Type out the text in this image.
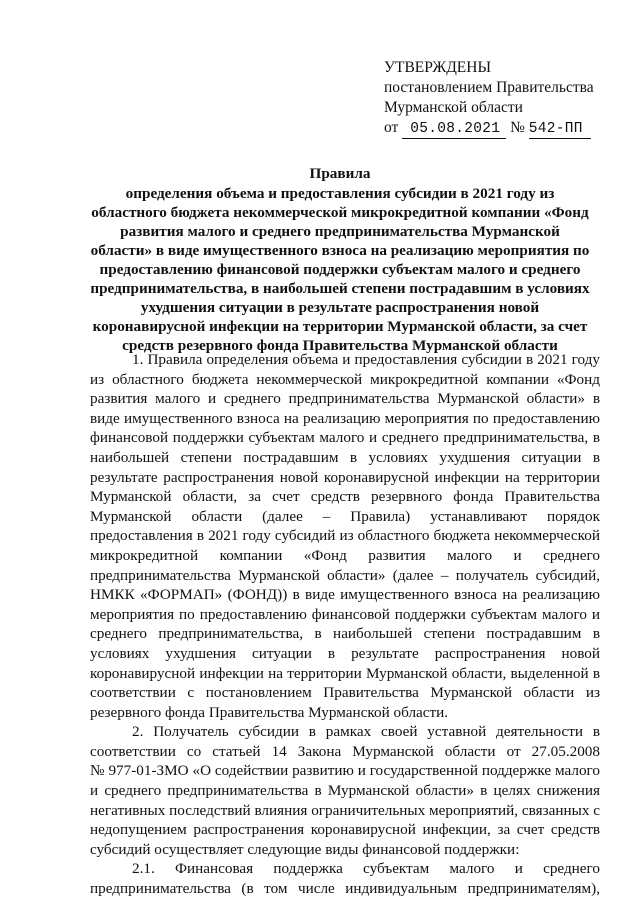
УТВЕРЖДЕНЫ
постановлением Правительства
Мурманской области
от 05.08.2021 № 542-ПП
Правила
определения объема и предоставления субсидии в 2021 году из
областного бюджета некоммерческой микрокредитной компании «Фонд
развития малого и среднего предпринимательства Мурманской
области» в виде имущественного взноса на реализацию мероприятия по
предоставлению финансовой поддержки субъектам малого и среднего
предпринимательства, в наибольшей степени пострадавшим в условиях
ухудшения ситуации в результате распространения новой
коронавирусной инфекции на территории Мурманской области, за счет
средств резервного фонда Правительства Мурманской области
1. Правила определения объема и предоставления субсидии в 2021 году
из областного бюджета некоммерческой микрокредитной компании «Фонд
развития малого и среднего предпринимательства Мурманской области» в
виде имущественного взноса на реализацию мероприятия по предоставлению
финансовой поддержки субъектам малого и среднего предпринимательства, в
наибольшей степени пострадавшим в условиях ухудшения ситуации в
результате распространения новой коронавирусной инфекции на территории
Мурманской области, за счет средств резервного фонда Правительства
Мурманской области (далее – Правила) устанавливают порядок
предоставления в 2021 году субсидий из областного бюджета некоммерческой
микрокредитной компании «Фонд развития малого и среднего
предпринимательства Мурманской области» (далее – получатель субсидий,
НМКК «ФОРМАП» (ФОНД)) в виде имущественного взноса на реализацию
мероприятия по предоставлению финансовой поддержки субъектам малого и
среднего предпринимательства, в наибольшей степени пострадавшим в
условиях ухудшения ситуации в результате распространения новой
коронавирусной инфекции на территории Мурманской области, выделенной в
соответствии с постановлением Правительства Мурманской области из
резервного фонда Правительства Мурманской области.
2. Получатель субсидии в рамках своей уставной деятельности в
соответствии со статьей 14 Закона Мурманской области от 27.05.2008
№ 977-01-ЗМО «О содействии развитию и государственной поддержке малого
и среднего предпринимательства в Мурманской области» в целях снижения
негативных последствий влияния ограничительных мероприятий, связанных с
недопущением распространения коронавирусной инфекции, за счет средств
субсидий осуществляет следующие виды финансовой поддержки:
2.1. Финансовая поддержка субъектам малого и среднего
предпринимательства (в том числе индивидуальным предпринимателям),
